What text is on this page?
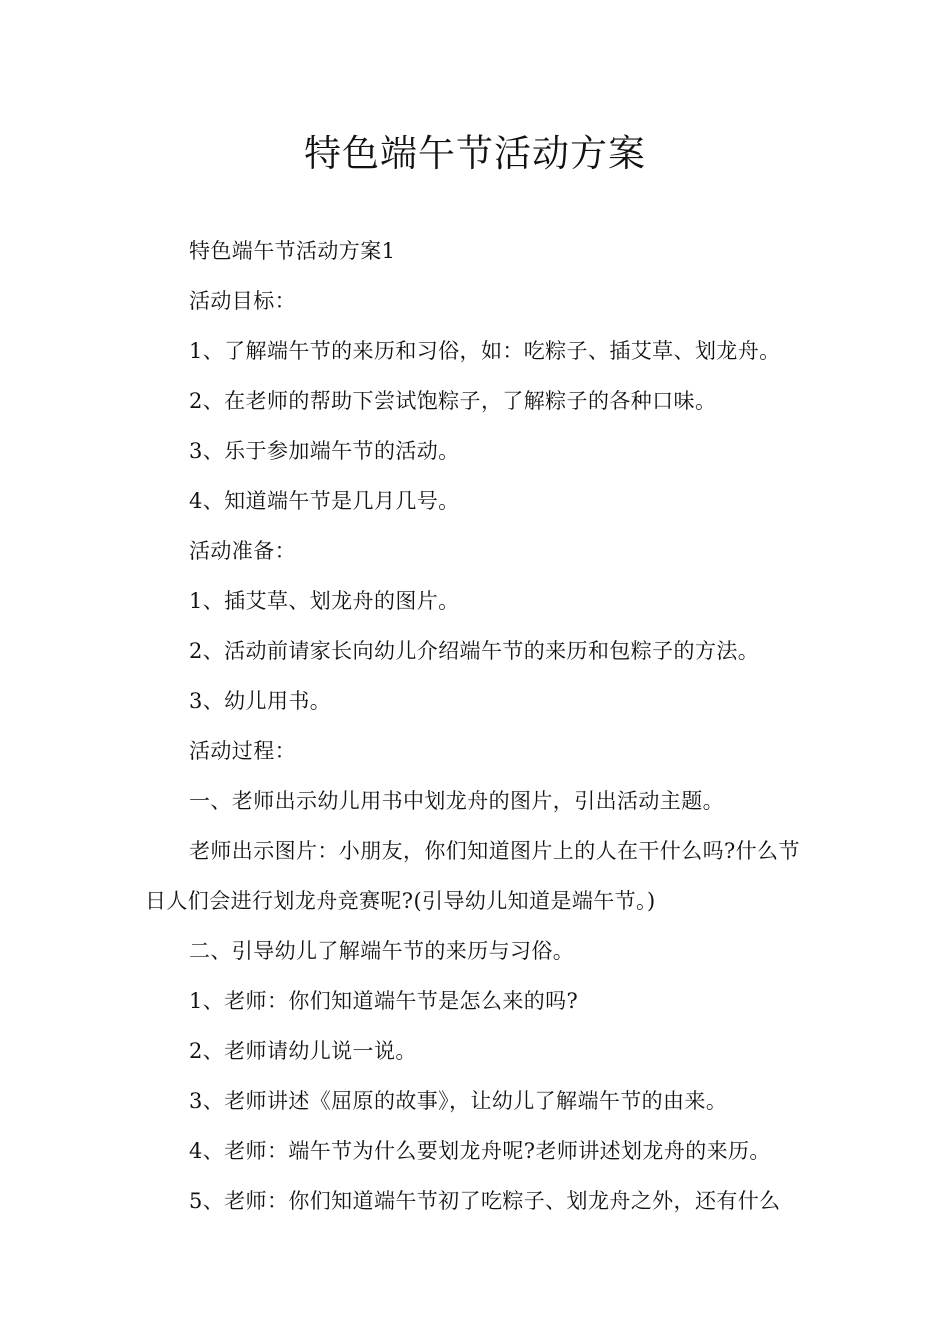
特色端午节活动方案

特色端午节活动方案1

活动目标：

1、了解端午节的来历和习俗，如：吃粽子、插艾草、划龙舟。

2、在老师的帮助下尝试饱粽子，了解粽子的各种口味。

3、乐于参加端午节的活动。

4、知道端午节是几月几号。

活动准备：

1、插艾草、划龙舟的图片。

2、活动前请家长向幼儿介绍端午节的来历和包粽子的方法。

3、幼儿用书。

活动过程：

一、老师出示幼儿用书中划龙舟的图片，引出活动主题。

老师出示图片：小朋友，你们知道图片上的人在干什么吗?什么节日人们会进行划龙舟竞赛呢?(引导幼儿知道是端午节。)

二、引导幼儿了解端午节的来历与习俗。

1、老师：你们知道端午节是怎么来的吗?

2、老师请幼儿说一说。

3、老师讲述《屈原的故事》，让幼儿了解端午节的由来。

4、老师：端午节为什么要划龙舟呢?老师讲述划龙舟的来历。

5、老师：你们知道端午节初了吃粽子、划龙舟之外，还有什么
